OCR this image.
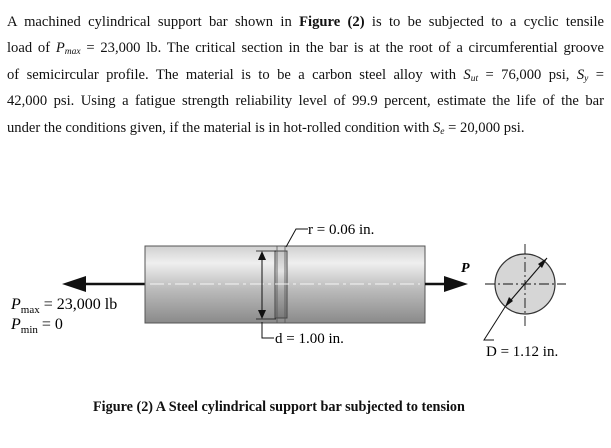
A machined cylindrical support bar shown in Figure (2) is to be subjected to a cyclic tensile
load of $P_{max} = 23,000$ lb. The critical section in the bar is at the root of a circumferential groove
of semicircular profile. The material is to be a carbon steel alloy with $S_{ut} = 76,000$ psi, $S_y$ =
42,000 psi. Using a fatigue strength reliability level of 99.9 percent, estimate the life of the bar
under the conditions given, if the material is in hot-rolled condition with $S_e = 20,000$ psi.
r = 0.06 in.
d = 1.00 in.
P
D = 1.12 in.
$P_{max} = 23,000$ lb
$P_{min} = 0$
Figure (2) A Steel cylindrical support bar subjected to tension
